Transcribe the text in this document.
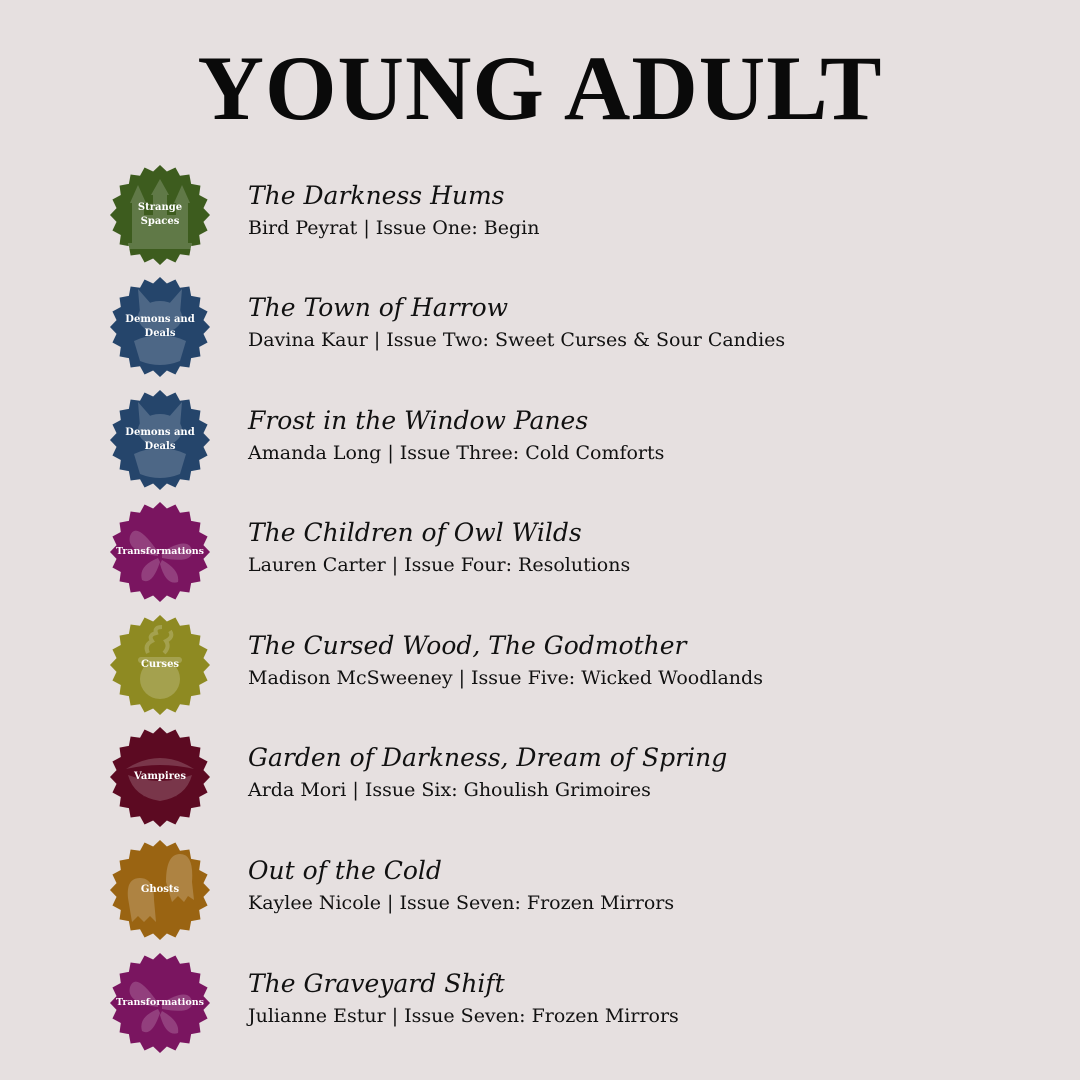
YOUNG ADULT
Strange Spaces
The Darkness Hums
Bird Peyrat | Issue One: Begin
Demons and Deals
The Town of Harrow
Davina Kaur | Issue Two: Sweet Curses & Sour Candies
Demons and Deals
Frost in the Window Panes
Amanda Long | Issue Three: Cold Comforts
Transformations
The Children of Owl Wilds
Lauren Carter | Issue Four: Resolutions
Curses
The Cursed Wood, The Godmother
Madison McSweeney | Issue Five: Wicked Woodlands
Vampires
Garden of Darkness, Dream of Spring
Arda Mori | Issue Six: Ghoulish Grimoires
Ghosts
Out of the Cold
Kaylee Nicole | Issue Seven: Frozen Mirrors
Transformations
The Graveyard Shift
Julianne Estur | Issue Seven: Frozen Mirrors
